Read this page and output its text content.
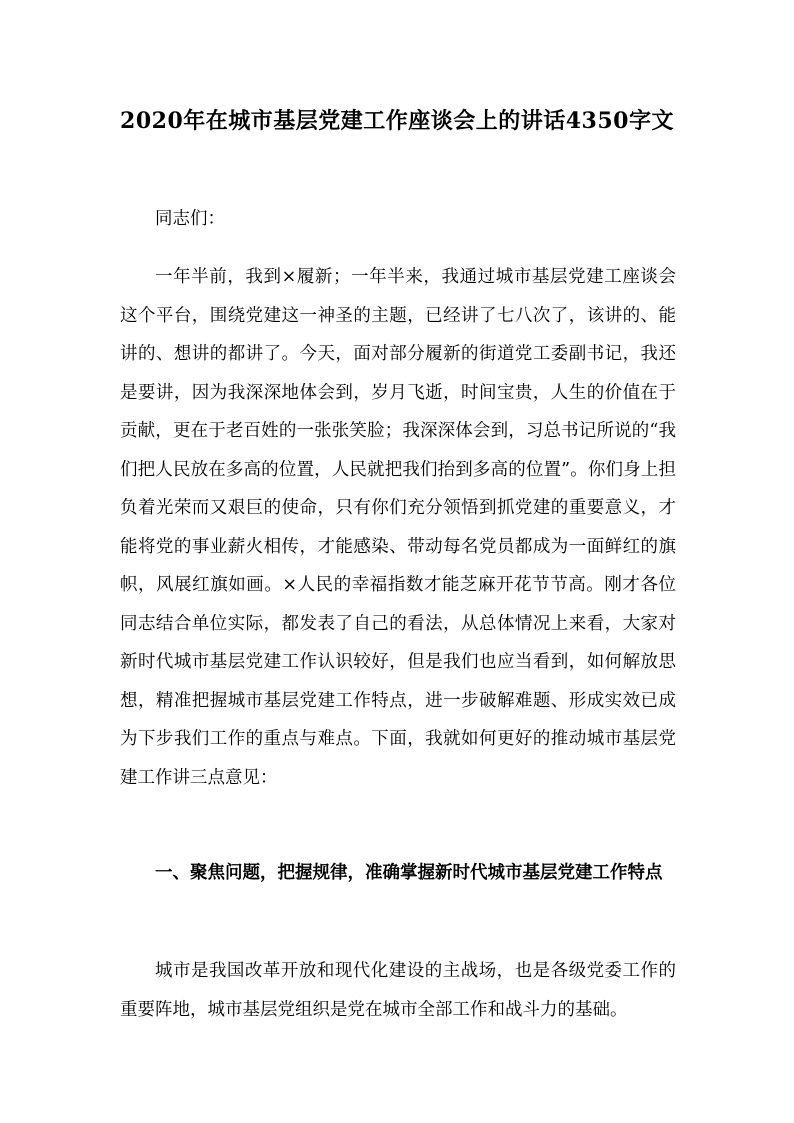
2020年在城市基层党建工作座谈会上的讲话4350字文

同志们：

一年半前，我到×履新；一年半来，我通过城市基层党建工座谈会这个平台，围绕党建这一神圣的主题，已经讲了七八次了，该讲的、能讲的、想讲的都讲了。今天，面对部分履新的街道党工委副书记，我还是要讲，因为我深深地体会到，岁月飞逝，时间宝贵，人生的价值在于贡献，更在于老百姓的一张张笑脸；我深深体会到，习总书记所说的“我们把人民放在多高的位置，人民就把我们抬到多高的位置”。你们身上担负着光荣而又艰巨的使命，只有你们充分领悟到抓党建的重要意义，才能将党的事业薪火相传，才能感染、带动每名党员都成为一面鲜红的旗帜，风展红旗如画。×人民的幸福指数才能芝麻开花节节高。刚才各位同志结合单位实际，都发表了自己的看法，从总体情况上来看，大家对新时代城市基层党建工作认识较好，但是我们也应当看到，如何解放思想，精准把握城市基层党建工作特点，进一步破解难题、形成实效已成为下步我们工作的重点与难点。下面，我就如何更好的推动城市基层党建工作讲三点意见：

一、聚焦问题，把握规律，准确掌握新时代城市基层党建工作特点

城市是我国改革开放和现代化建设的主战场，也是各级党委工作的重要阵地，城市基层党组织是党在城市全部工作和战斗力的基础。
